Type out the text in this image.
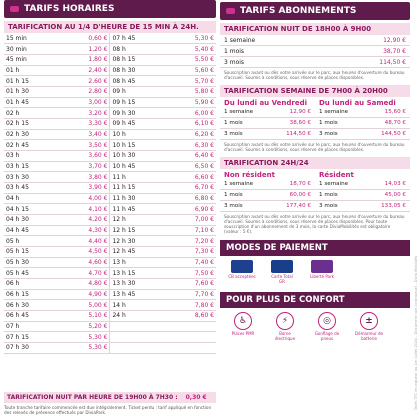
TARIFS HORAIRES
TARIFICATION AU 1/4 D'HEURE DE 15 MIN À 24H.
15 min	0,60 €	07 h 45	5,30 €
30 min	1,20 €	08 h	5,40 €
45 min	1,80 €	08 h 15	5,50 €
01 h	2,40 €	08 h 30	5,60 €
01 h 15	2,60 €	08 h 45	5,70 €
01 h 30	2,80 €	09 h	5,80 €
01 h 45	3,00 €	09 h 15	5,90 €
02 h	3,20 €	09 h 30	6,00 €
02 h 15	3,30 €	09 h 45	6,10 €
02 h 30	3,40 €	10 h	6,20 €
02 h 45	3,50 €	10 h 15	6,30 €
03 h	3,60 €	10 h 30	6,40 €
03 h 15	3,70 €	10 h 45	6,50 €
03 h 30	3,80 €	11 h	6,60 €
03 h 45	3,90 €	11 h 15	6,70 €
04 h	4,00 €	11 h 30	6,80 €
04 h 15	4,10 €	11 h 45	6,90 €
04 h 30	4,20 €	12 h	7,00 €
04 h 45	4,30 €	12 h 15	7,10 €
05 h	4,40 €	12 h 30	7,20 €
05 h 15	4,50 €	12 h 45	7,30 €
05 h 30	4,60 €	13 h	7,40 €
05 h 45	4,70 €	13 h 15	7,50 €
06 h	4,80 €	13 h 30	7,60 €
06 h 15	4,90 €	13 h 45	7,70 €
06 h 30	5,00 €	14 h	7,80 €
06 h 45	5,10 €	24 h	8,60 €
07 h	5,20 €		
07 h 15	5,30 €		
07 h 30	5,30 €		
TARIFICATION NUIT PAR HEURE DE 19H00 À 7H30 : 0,30 €
Toute tranche tarifaire commencée est due intégralement. Ticket perdu : tarif appliqué en fonction des relevés de présence effectués par DiviaPark.
TARIFS ABONNEMENTS
TARIFICATION NUIT DE 18H00 À 9H00
1 semaine	12,90 €
1 mois	38,70 €
3 mois	114,50 €
Souscription avant ou dès votre arrivée sur le parc, aux heures d'ouverture du bureau d'accueil. Soumis à conditions, sous réserve de places disponibles.
TARIFICATION SEMAINE DE 7H00 À 20H00
Du lundi au Vendredi
1 semaine	12,90 €
1 mois	38,60 €
3 mois	114,50 €
Du lundi au Samedi
1 semaine	15,60 €
1 mois	48,70 €
3 mois	144,50 €
Souscription avant ou dès votre arrivée sur le parc, aux heures d'ouverture du bureau d'accueil. Soumis à conditions, sous réserve de places disponibles.
TARIFICATION 24H/24
Non résident
1 semaine	18,70 €
1 mois	60,00 €
3 mois	177,40 €
Résident
1 semaine	14,03 €
1 mois	45,00 €
3 mois	133,05 €
Souscription avant ou dès votre arrivée sur le parc, aux heures d'ouverture du bureau d'accueil. Soumis à conditions, sous réserve de places disponibles. Pour toute souscription d'un abonnement de 3 mois, la carte DiviaMobilités est obligatoire (valeur : 5 €).
MODES DE PAIEMENT
CB acceptées	Carte Total GR
Liberté Park
POUR PLUS DE CONFORT
♿
Places PMR
⚡
Borne électrique
◎
Gonflage de pneus
±
Démarreur de batterie	Tarifs TTC en vigueur au 1er juillet 2024 – Document non contractuel – Divia Mobilités
